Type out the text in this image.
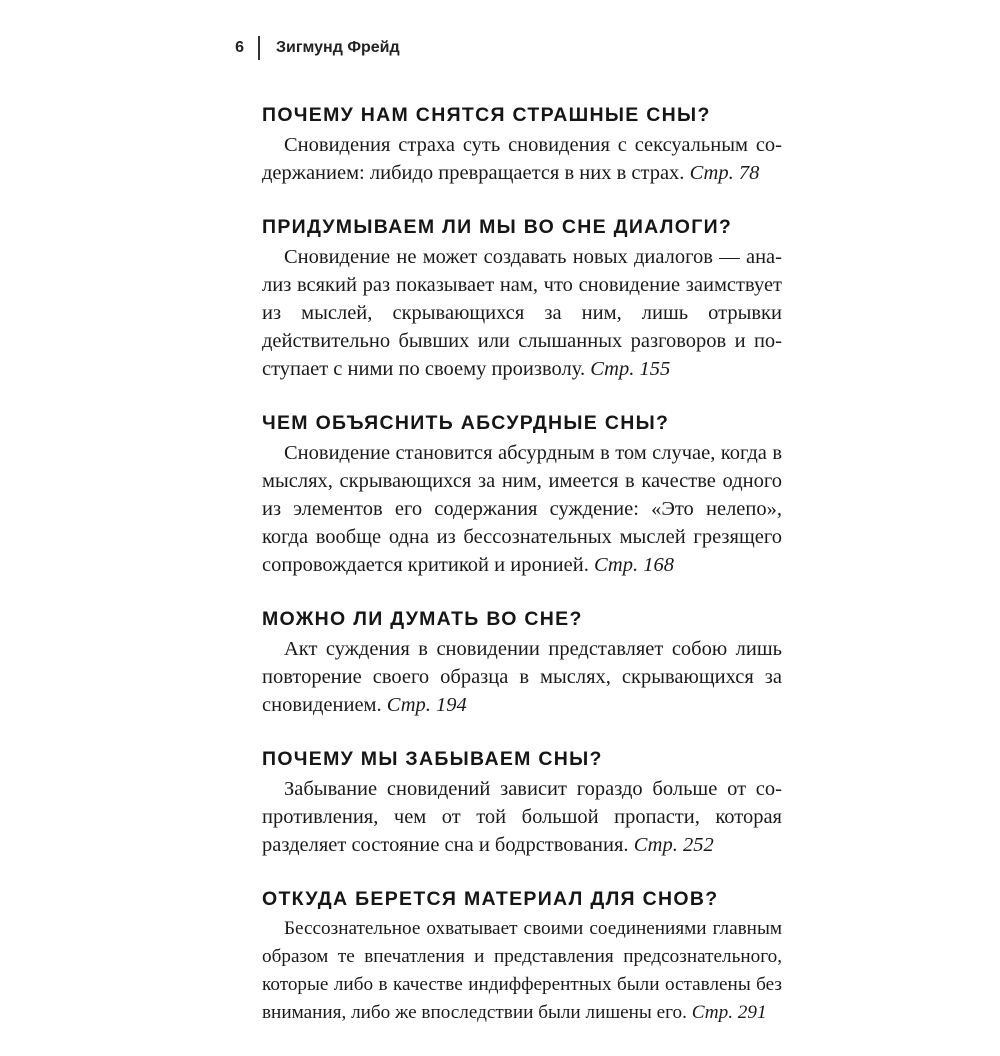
6	Зигмунд Фрейд
ПОЧЕМУ НАМ СНЯТСЯ СТРАШНЫЕ СНЫ?

Сновидения страха суть сновидения с сексуальным содержанием: либидо превращается в них в страх. Стр. 78

ПРИДУМЫВАЕМ ЛИ МЫ ВО СНЕ ДИАЛОГИ?

Сновидение не может создавать новых диалогов — анализ всякий раз показывает нам, что сновидение заимствует из мыслей, скрывающихся за ним, лишь отрывки действительно бывших или слышанных разговоров и поступает с ними по своему произволу. Стр. 155

ЧЕМ ОБЪЯСНИТЬ АБСУРДНЫЕ СНЫ?

Сновидение становится абсурдным в том случае, когда в мыслях, скрывающихся за ним, имеется в качестве одного из элементов его содержания суждение: «Это нелепо», когда вообще одна из бессознательных мыслей грезящего сопровождается критикой и иронией. Стр. 168

МОЖНО ЛИ ДУМАТЬ ВО СНЕ?

Акт суждения в сновидении представляет собою лишь повторение своего образца в мыслях, скрывающихся за сновидением. Стр. 194

ПОЧЕМУ МЫ ЗАБЫВАЕМ СНЫ?

Забывание сновидений зависит гораздо больше от сопротивления, чем от той большой пропасти, которая разделяет состояние сна и бодрствования. Стр. 252

ОТКУДА БЕРЕТСЯ МАТЕРИАЛ ДЛЯ СНОВ?

Бессознательное охватывает своими соединениями главным образом те впечатления и представления предсознательного, которые либо в качестве индифферентных были оставлены без внимания, либо же впоследствии были лишены его. Стр. 291
